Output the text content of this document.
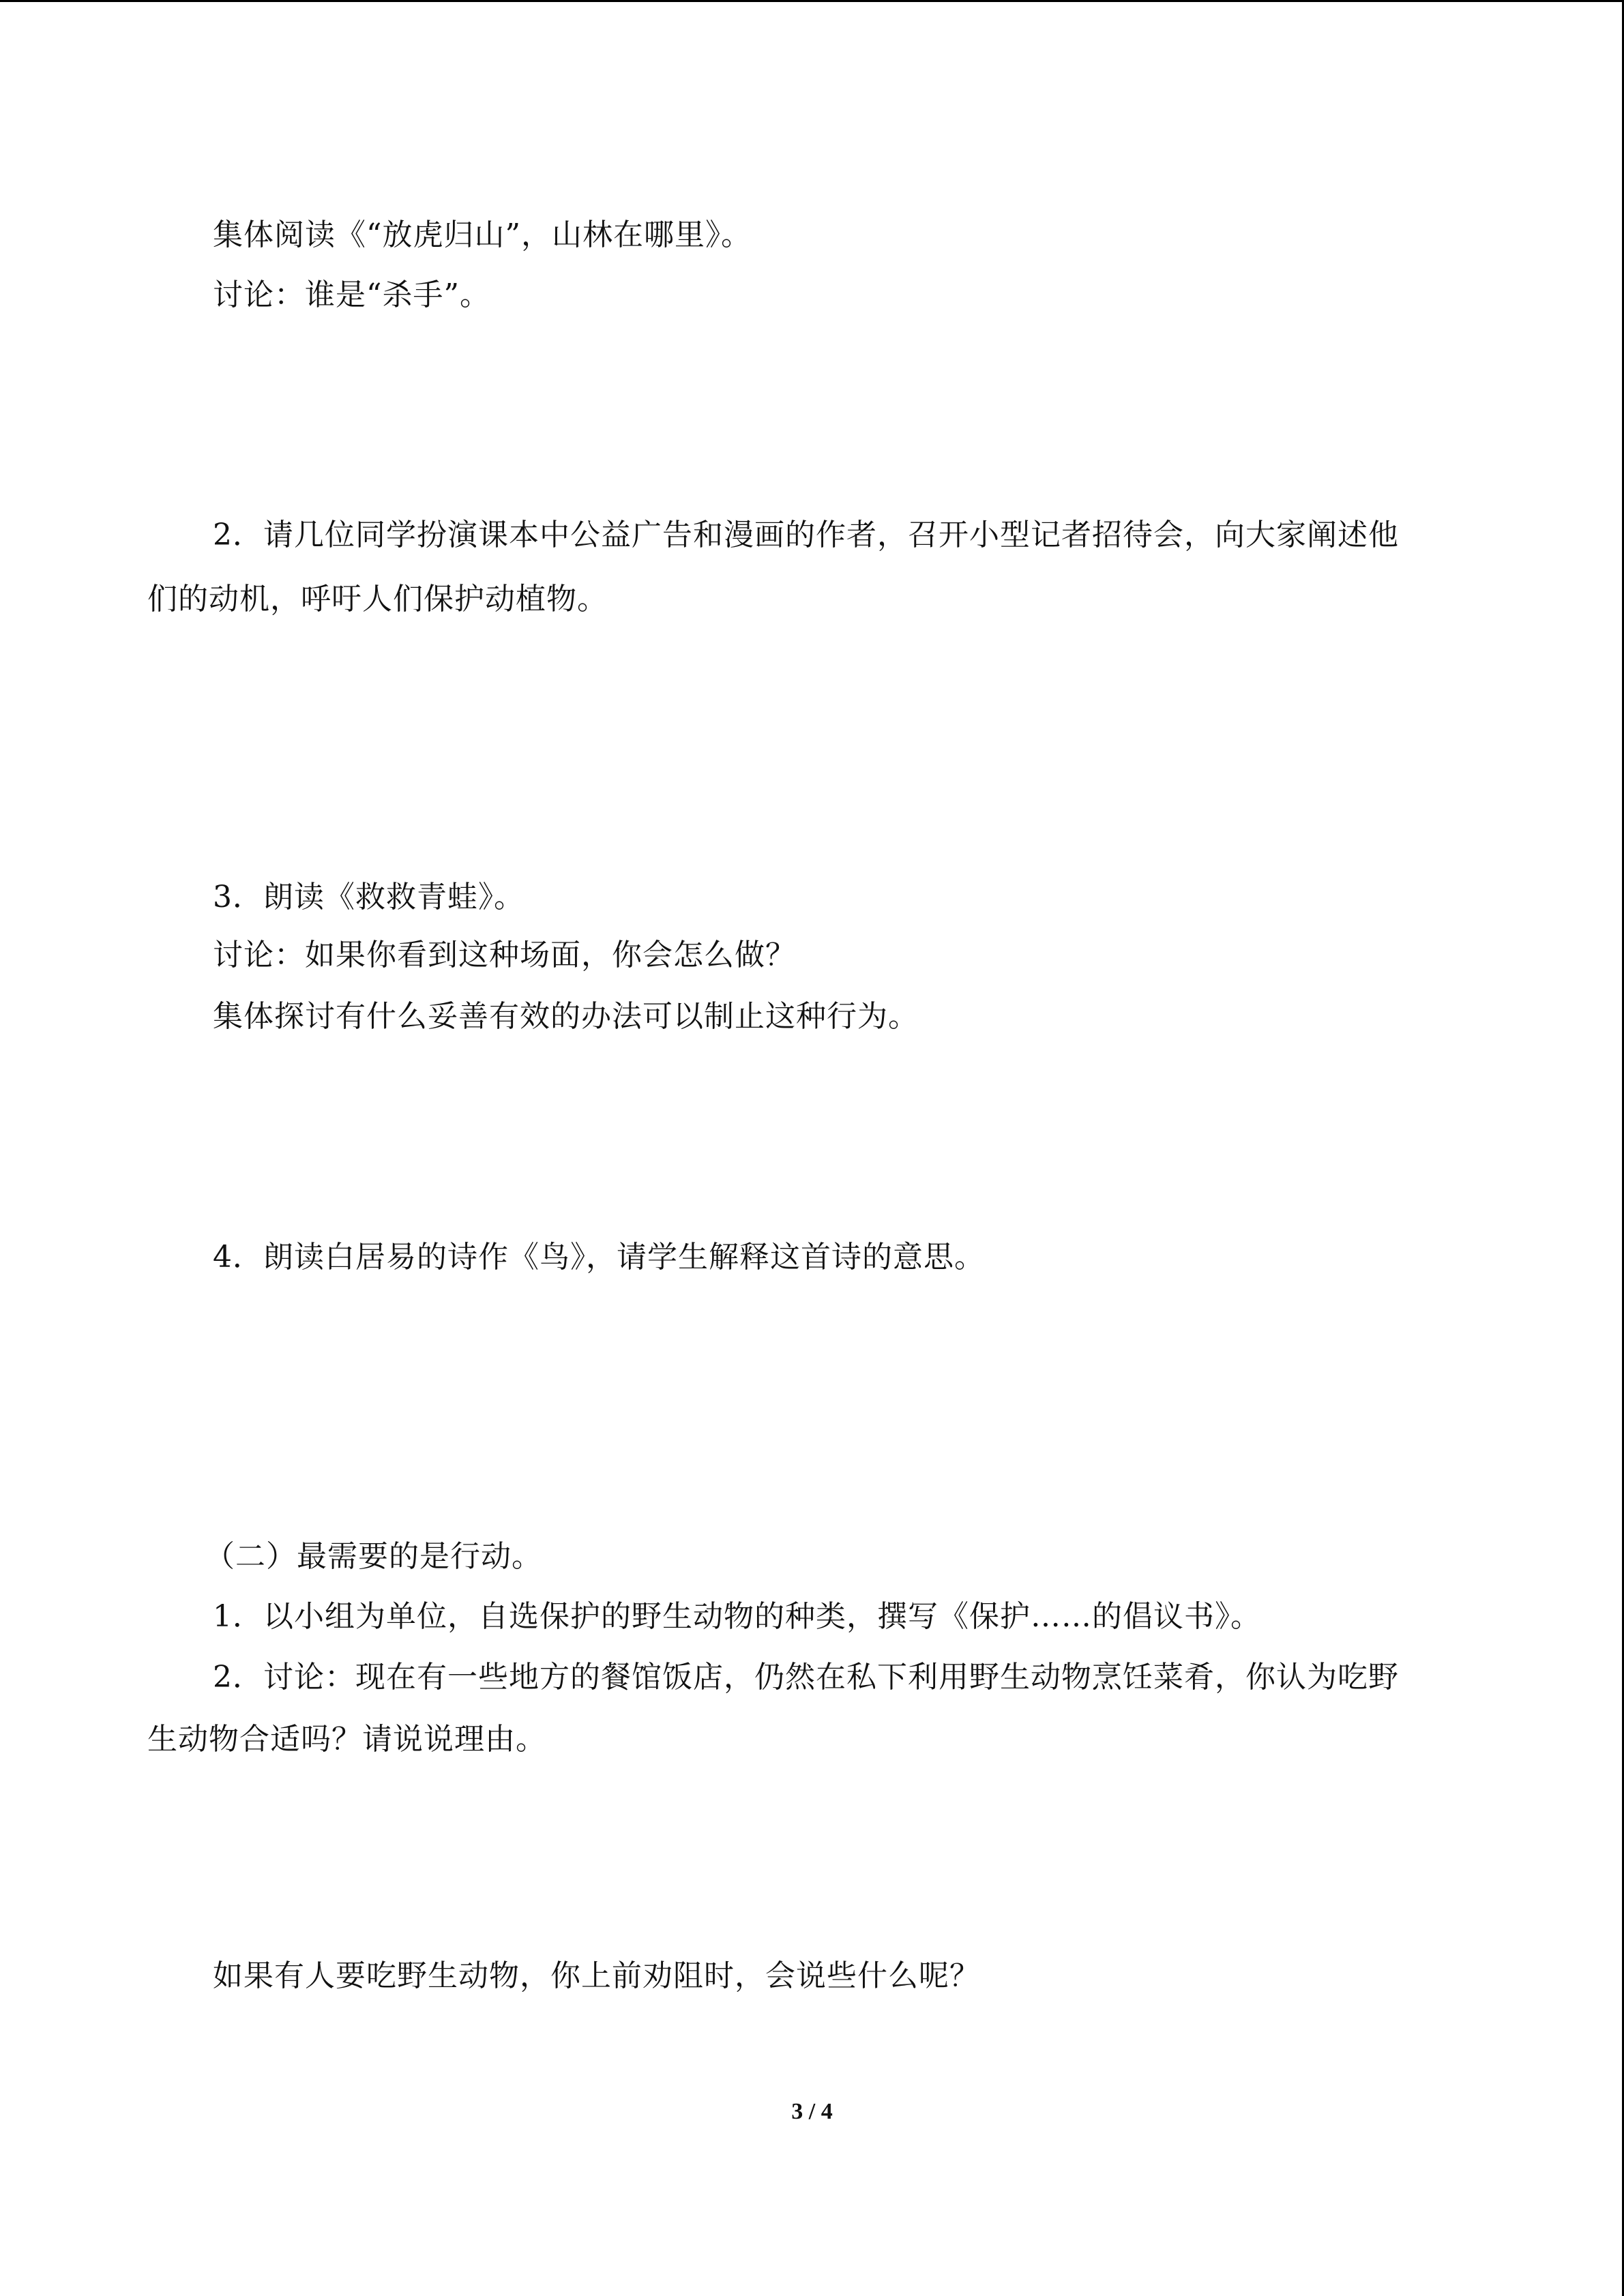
集体阅读《“放虎归山”，山林在哪里》。
讨论：谁是“杀手”。
2．请几位同学扮演课本中公益广告和漫画的作者，召开小型记者招待会，向大家阐述他
们的动机，呼吁人们保护动植物。
3．朗读《救救青蛙》。
讨论：如果你看到这种场面，你会怎么做？
集体探讨有什么妥善有效的办法可以制止这种行为。
4．朗读白居易的诗作《鸟》，请学生解释这首诗的意思。
（二）最需要的是行动。
1．以小组为单位，自选保护的野生动物的种类，撰写《保护……的倡议书》。
2．讨论：现在有一些地方的餐馆饭店，仍然在私下利用野生动物烹饪菜肴，你认为吃野
生动物合适吗？请说说理由。
如果有人要吃野生动物，你上前劝阻时，会说些什么呢？
3 / 4
